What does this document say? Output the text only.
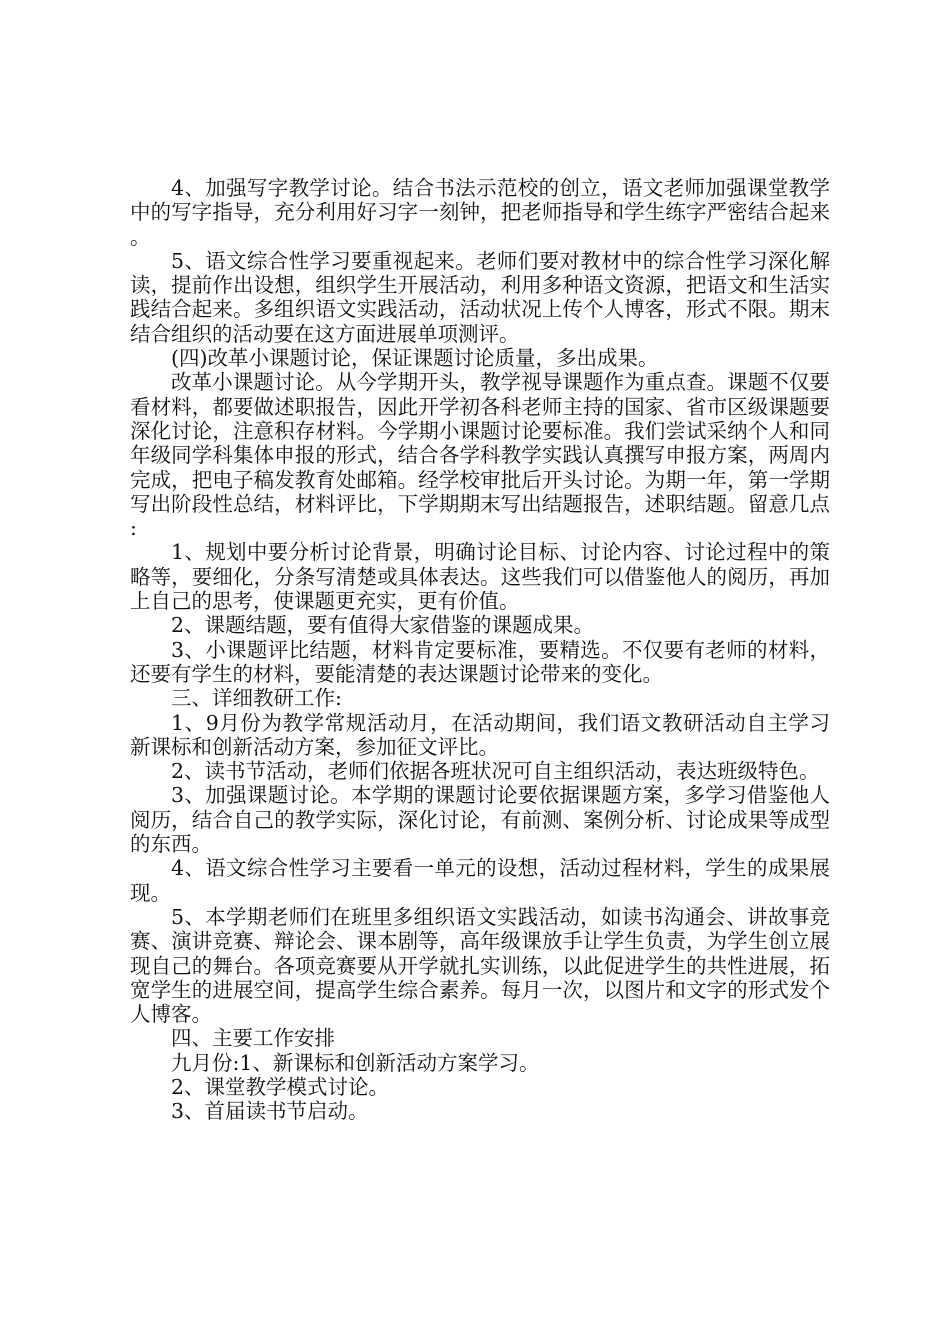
4、加强写字教学讨论。结合书法示范校的创立，语文老师加强课堂教学中的写字指导，充分利用好习字一刻钟，把老师指导和学生练字严密结合起来。

5、语文综合性学习要重视起来。老师们要对教材中的综合性学习深化解读，提前作出设想，组织学生开展活动，利用多种语文资源，把语文和生活实践结合起来。多组织语文实践活动，活动状况上传个人博客，形式不限。期末结合组织的活动要在这方面进展单项测评。

(四)改革小课题讨论，保证课题讨论质量，多出成果。

改革小课题讨论。从今学期开头，教学视导课题作为重点查。课题不仅要看材料，都要做述职报告，因此开学初各科老师主持的国家、省市区级课题要深化讨论，注意积存材料。今学期小课题讨论要标准。我们尝试采纳个人和同年级同学科集体申报的形式，结合各学科教学实践认真撰写申报方案，两周内完成，把电子稿发教育处邮箱。经学校审批后开头讨论。为期一年，第一学期写出阶段性总结，材料评比，下学期期末写出结题报告，述职结题。留意几点:

1、规划中要分析讨论背景，明确讨论目标、讨论内容、讨论过程中的策略等，要细化，分条写清楚或具体表达。这些我们可以借鉴他人的阅历，再加上自己的思考，使课题更充实，更有价值。

2、课题结题，要有值得大家借鉴的课题成果。

3、小课题评比结题，材料肯定要标准，要精选。不仅要有老师的材料，还要有学生的材料，要能清楚的表达课题讨论带来的变化。

三、详细教研工作:

1、9月份为教学常规活动月，在活动期间，我们语文教研活动自主学习新课标和创新活动方案，参加征文评比。

2、读书节活动，老师们依据各班状况可自主组织活动，表达班级特色。

3、加强课题讨论。本学期的课题讨论要依据课题方案，多学习借鉴他人阅历，结合自己的教学实际，深化讨论，有前测、案例分析、讨论成果等成型的东西。

4、语文综合性学习主要看一单元的设想，活动过程材料，学生的成果展现。

5、本学期老师们在班里多组织语文实践活动，如读书沟通会、讲故事竞赛、演讲竞赛、辩论会、课本剧等，高年级课放手让学生负责，为学生创立展现自己的舞台。各项竞赛要从开学就扎实训练，以此促进学生的共性进展，拓宽学生的进展空间，提高学生综合素养。每月一次，以图片和文字的形式发个人博客。

四、主要工作安排

九月份:1、新课标和创新活动方案学习。

2、课堂教学模式讨论。

3、首届读书节启动。
